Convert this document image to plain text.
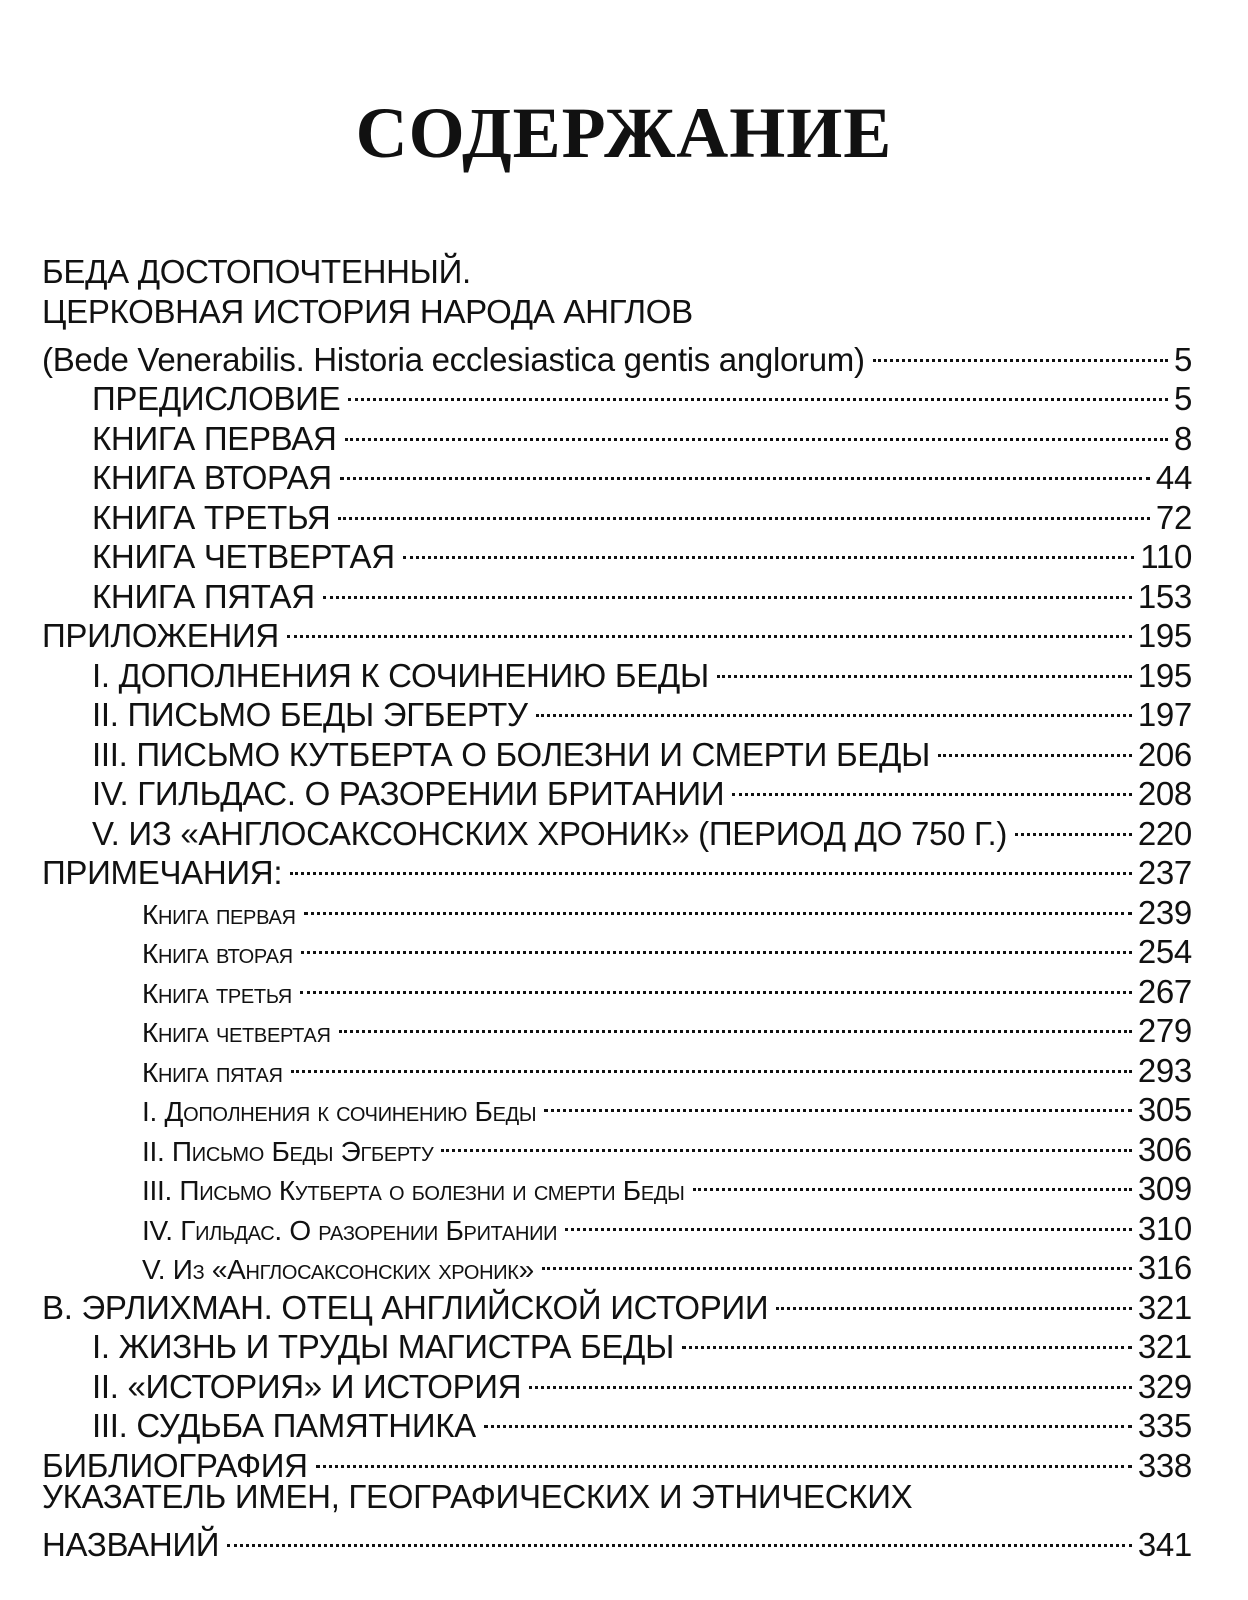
СОДЕРЖАНИЕ
БЕДА ДОСТОПОЧТЕННЫЙ.
ЦЕРКОВНАЯ ИСТОРИЯ НАРОДА АНГЛОВ
(Bede Venerabilis. Historia ecclesiastica gentis anglorum)	5
ПРЕДИСЛОВИЕ	5
КНИГА ПЕРВАЯ	8
КНИГА ВТОРАЯ	44
КНИГА ТРЕТЬЯ	72
КНИГА ЧЕТВЕРТАЯ	110
КНИГА ПЯТАЯ	153
ПРИЛОЖЕНИЯ	195
I. ДОПОЛНЕНИЯ К СОЧИНЕНИЮ БЕДЫ	195
II. ПИСЬМО БЕДЫ ЭГБЕРТУ	197
III. ПИСЬМО КУТБЕРТА О БОЛЕЗНИ И СМЕРТИ БЕДЫ	206
IV. ГИЛЬДАС. О РАЗОРЕНИИ БРИТАНИИ	208
V. ИЗ «АНГЛОСАКСОНСКИХ ХРОНИК» (ПЕРИОД ДО 750 Г.)	220
ПРИМЕЧАНИЯ:	237
Книга первая	239
Книга вторая	254
Книга третья	267
Книга четвертая	279
Книга пятая	293
I. Дополнения к сочинению Беды	305
II. Письмо Беды Эгберту	306
III. Письмо Кутберта о болезни и смерти Беды	309
IV. Гильдас. О разорении Британии	310
V. Из «Англосаксонских хроник»	316
В. ЭРЛИХМАН. ОТЕЦ АНГЛИЙСКОЙ ИСТОРИИ	321
I. ЖИЗНЬ И ТРУДЫ МАГИСТРА БЕДЫ	321
II. «ИСТОРИЯ» И ИСТОРИЯ	329
III. СУДЬБА ПАМЯТНИКА	335
БИБЛИОГРАФИЯ	338
УКАЗАТЕЛЬ ИМЕН, ГЕОГРАФИЧЕСКИХ И ЭТНИЧЕСКИХ
НАЗВАНИЙ	341
